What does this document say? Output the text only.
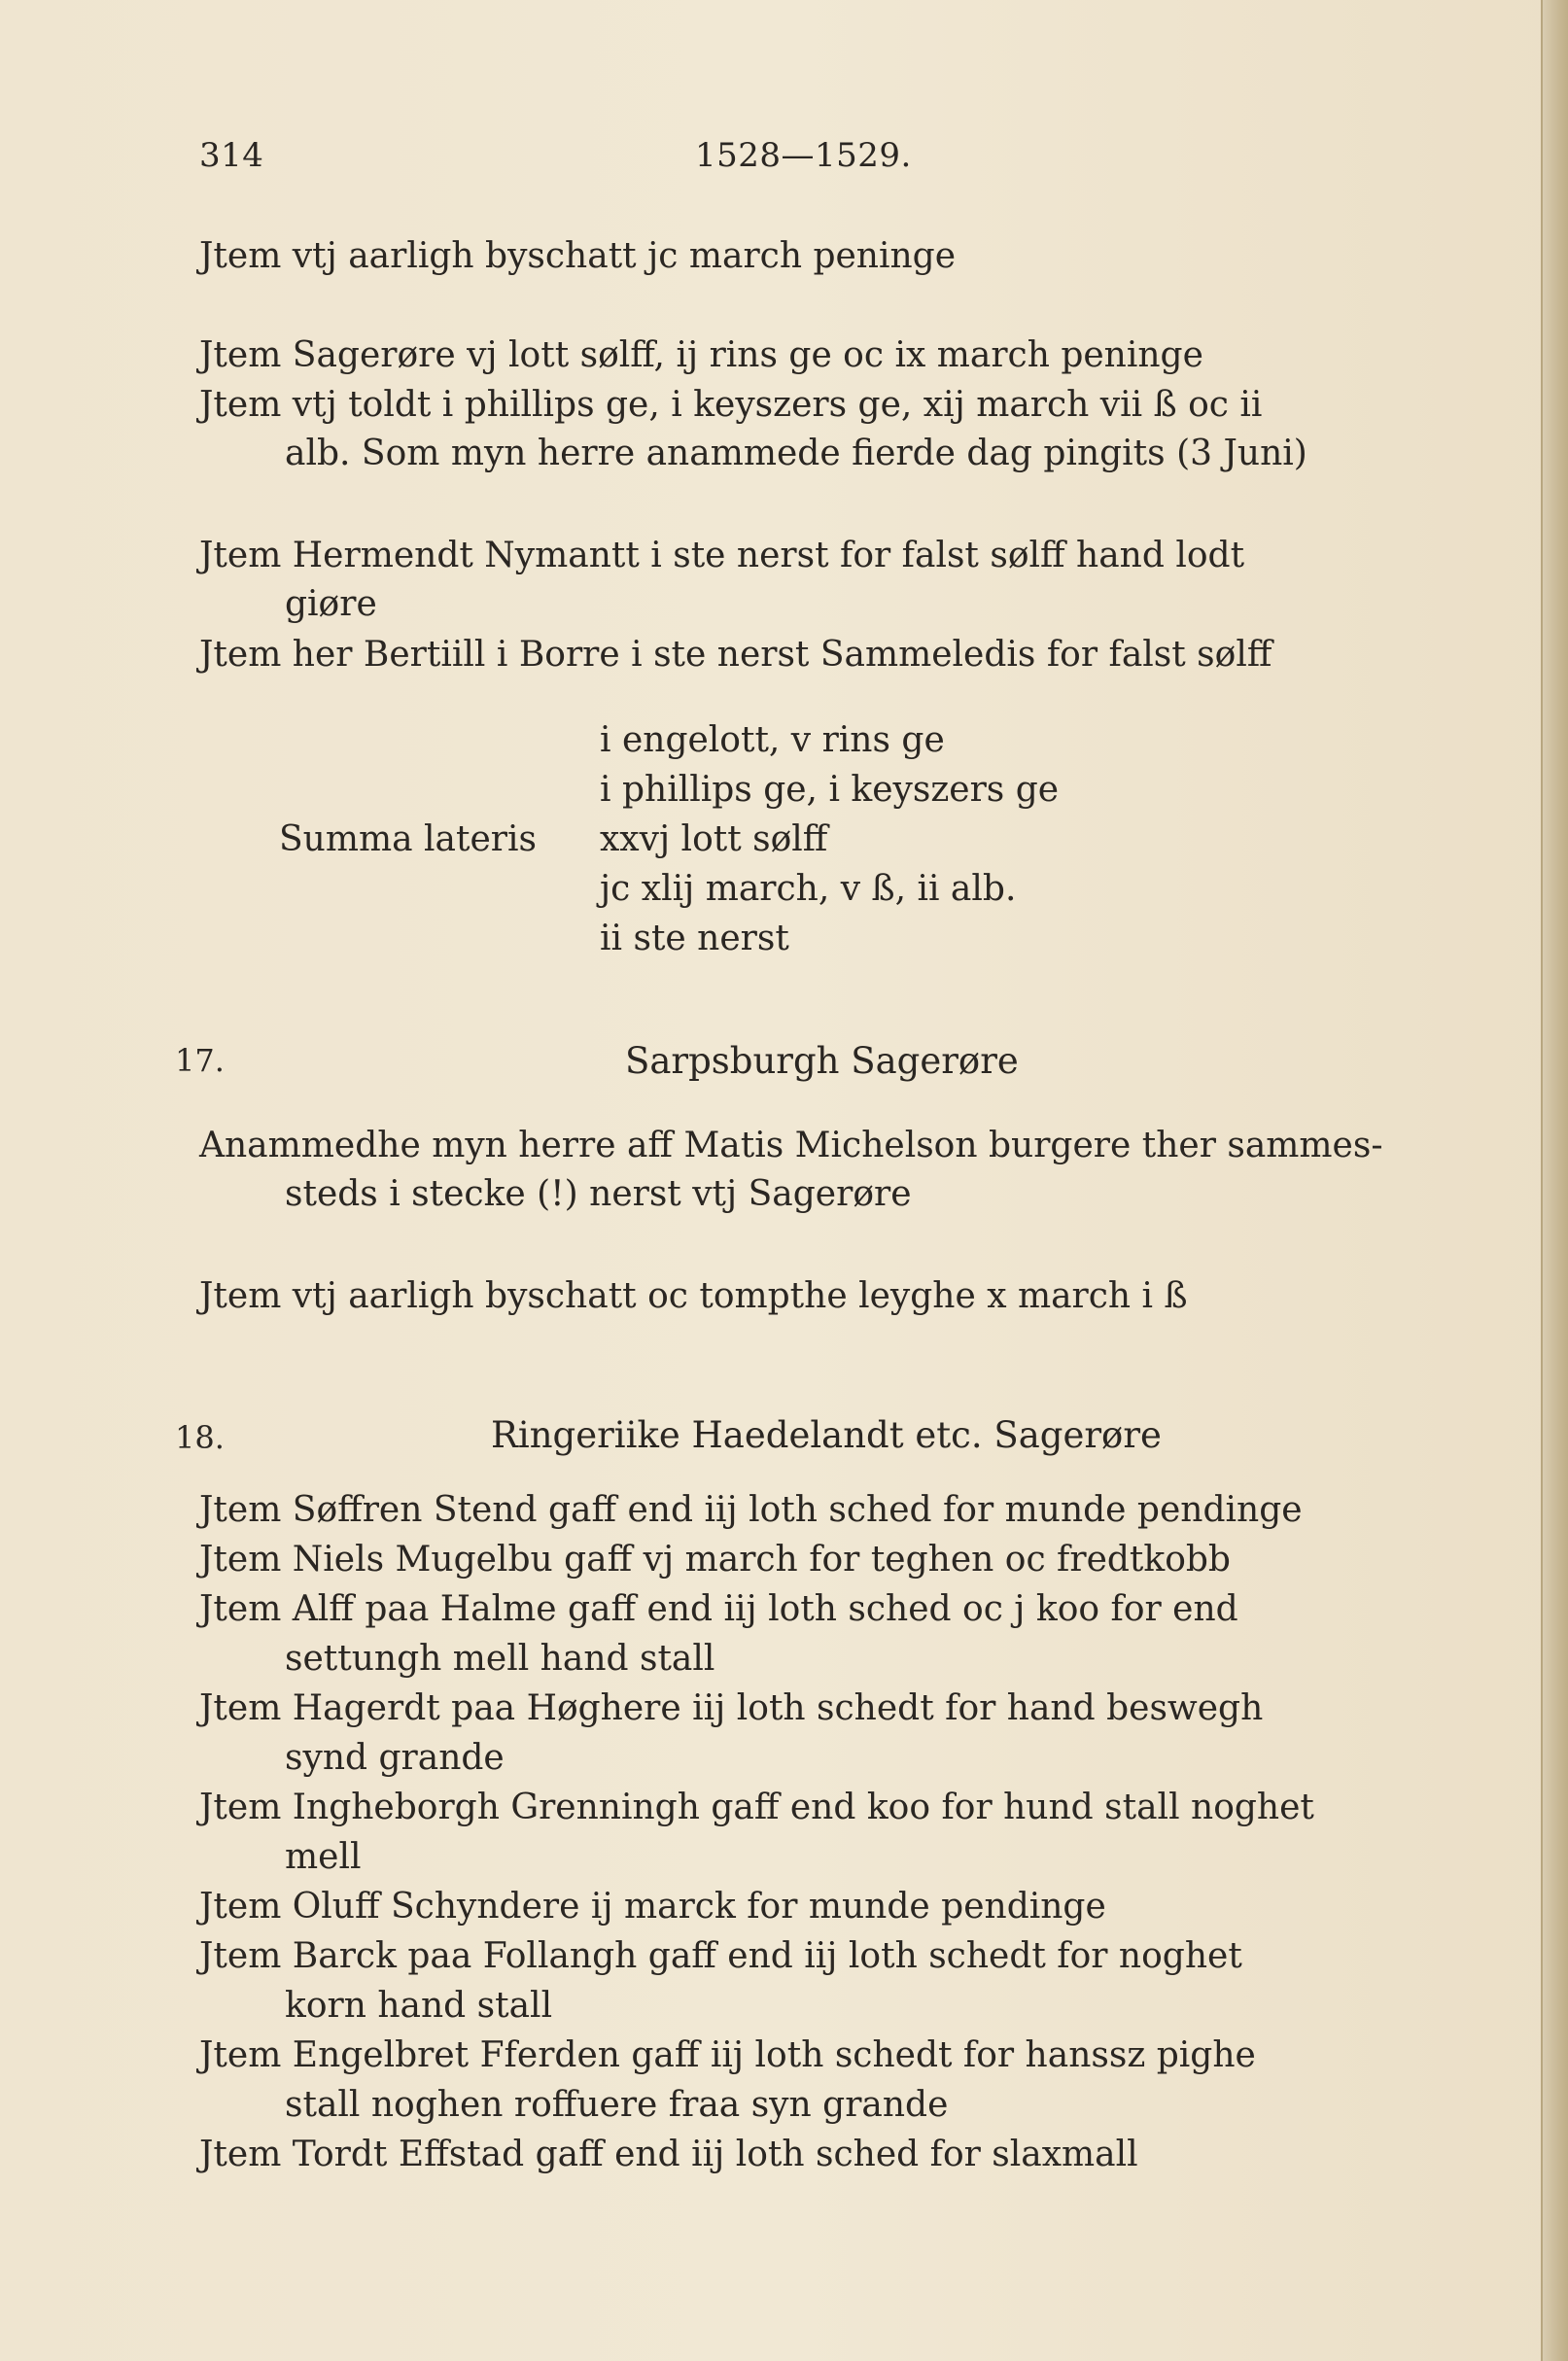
314	1528—1529.
Jtem vtj aarligh byschatt jc march peninge
Jtem Sagerøre vj lott sølff, ij rins ge oc ix march peninge
Jtem vtj toldt i phillips ge, i keyszers ge, xij march vii ß oc ii
alb. Som myn herre anammede fierde dag pingits (3 Juni)
Jtem Hermendt Nymantt i ste nerst for falst sølff hand lodt
giøre
Jtem her Bertiill i Borre i ste nerst Sammeledis for falst sølff
Summa lateris
i engelott, v rins ge
i phillips ge, i keyszers ge
xxvj lott sølff
jc xlij march, v ß, ii alb.
ii ste nerst
17.	Sarpsburgh Sagerøre
Anammedhe myn herre aff Matis Michelson burgere ther sammes-
steds i stecke (!) nerst vtj Sagerøre
Jtem vtj aarligh byschatt oc tompthe leyghe x march i ß
18.	Ringeriike Haedelandt etc. Sagerøre
Jtem Søffren Stend gaff end iij loth sched for munde pendinge
Jtem Niels Mugelbu gaff vj march for teghen oc fredtkobb
Jtem Alff paa Halme gaff end iij loth sched oc j koo for end
settungh mell hand stall
Jtem Hagerdt paa Høghere iij loth schedt for hand beswegh
synd grande
Jtem Ingheborgh Grenningh gaff end koo for hund stall noghet
mell
Jtem Oluff Schyndere ij marck for munde pendinge
Jtem Barck paa Follangh gaff end iij loth schedt for noghet
korn hand stall
Jtem Engelbret Fferden gaff iij loth schedt for hanssz pighe
stall noghen roffuere fraa syn grande
Jtem Tordt Effstad gaff end iij loth sched for slaxmall
